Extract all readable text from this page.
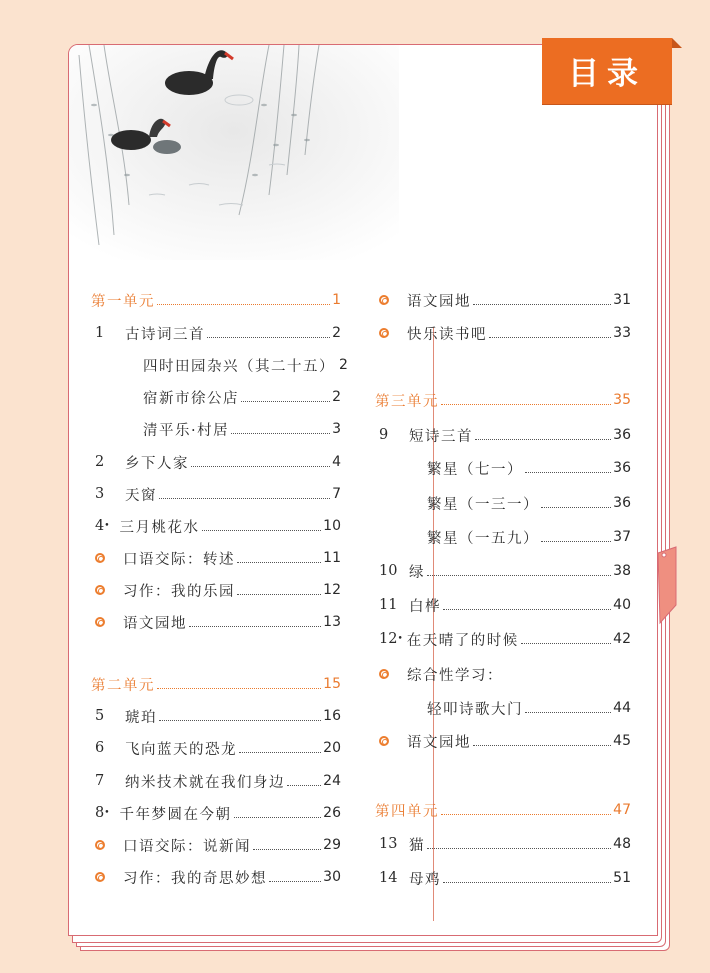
第一单元	1
1	古诗词三首	2
四时田园杂兴（其二十五） 2
宿新市徐公店	2
清平乐·村居	3
2	乡下人家	4
3	天窗	7
4 • 三月桃花水	10
口语交际：转述	11
习作：我的乐园	12
语文园地	13
第二单元	15
5	琥珀	16
6	飞向蓝天的恐龙	20
7	纳米技术就在我们身边	24
8 • 千年梦圆在今朝	26
口语交际：说新闻	29
习作：我的奇思妙想	30
语文园地	31
快乐读书吧	33
第三单元	35
9	短诗三首	36
繁星（七一）	36
繁星（一三一）	36
繁星（一五九）	37
10 绿	38
11 白桦	40
12 • 在天晴了的时候	42
综合性学习：
轻叩诗歌大门	44
语文园地	45
第四单元	47
13 猫	48
14 母鸡	51
目录
